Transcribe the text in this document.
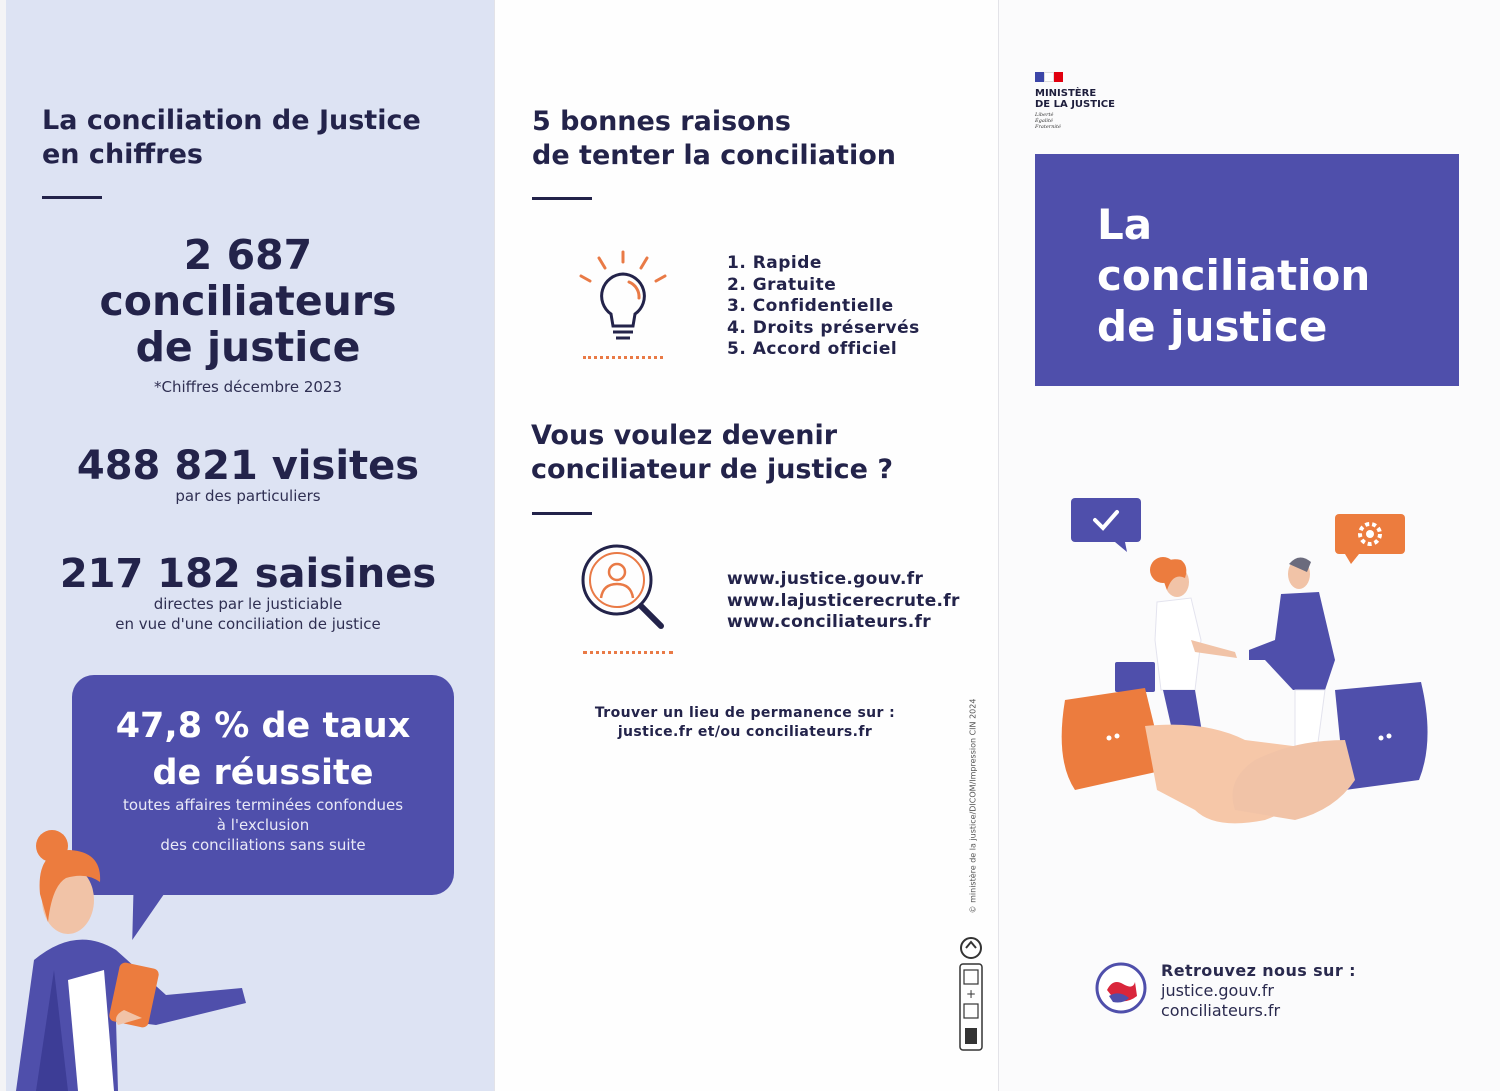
La conciliation de Justice
en chiffres
2 687
conciliateurs
de justice
*Chiffres décembre 2023
488 821 visites
par des particuliers
217 182 saisines
directes par le justiciable
en vue d'une conciliation de justice
47,8 % de taux
de réussite
toutes affaires terminées confondues
à l'exclusion
des conciliations sans suite
5 bonnes raisons
de tenter la conciliation
1. Rapide
2. Gratuite
3. Confidentielle
4. Droits préservés
5. Accord officiel
Vous voulez devenir
conciliateur de justice ?
www.justice.gouv.fr
www.lajusticerecrute.fr
www.conciliateurs.fr
Trouver un lieu de permanence sur :
justice.fr et/ou conciliateurs.fr	© ministère de la justice/DICOM/Impression CIN 2024
+
MINISTÈRE
DE LA JUSTICE
Liberté
Égalité
Fraternité
La
conciliation
de justice
Retrouvez nous sur :
justice.gouv.fr
conciliateurs.fr
